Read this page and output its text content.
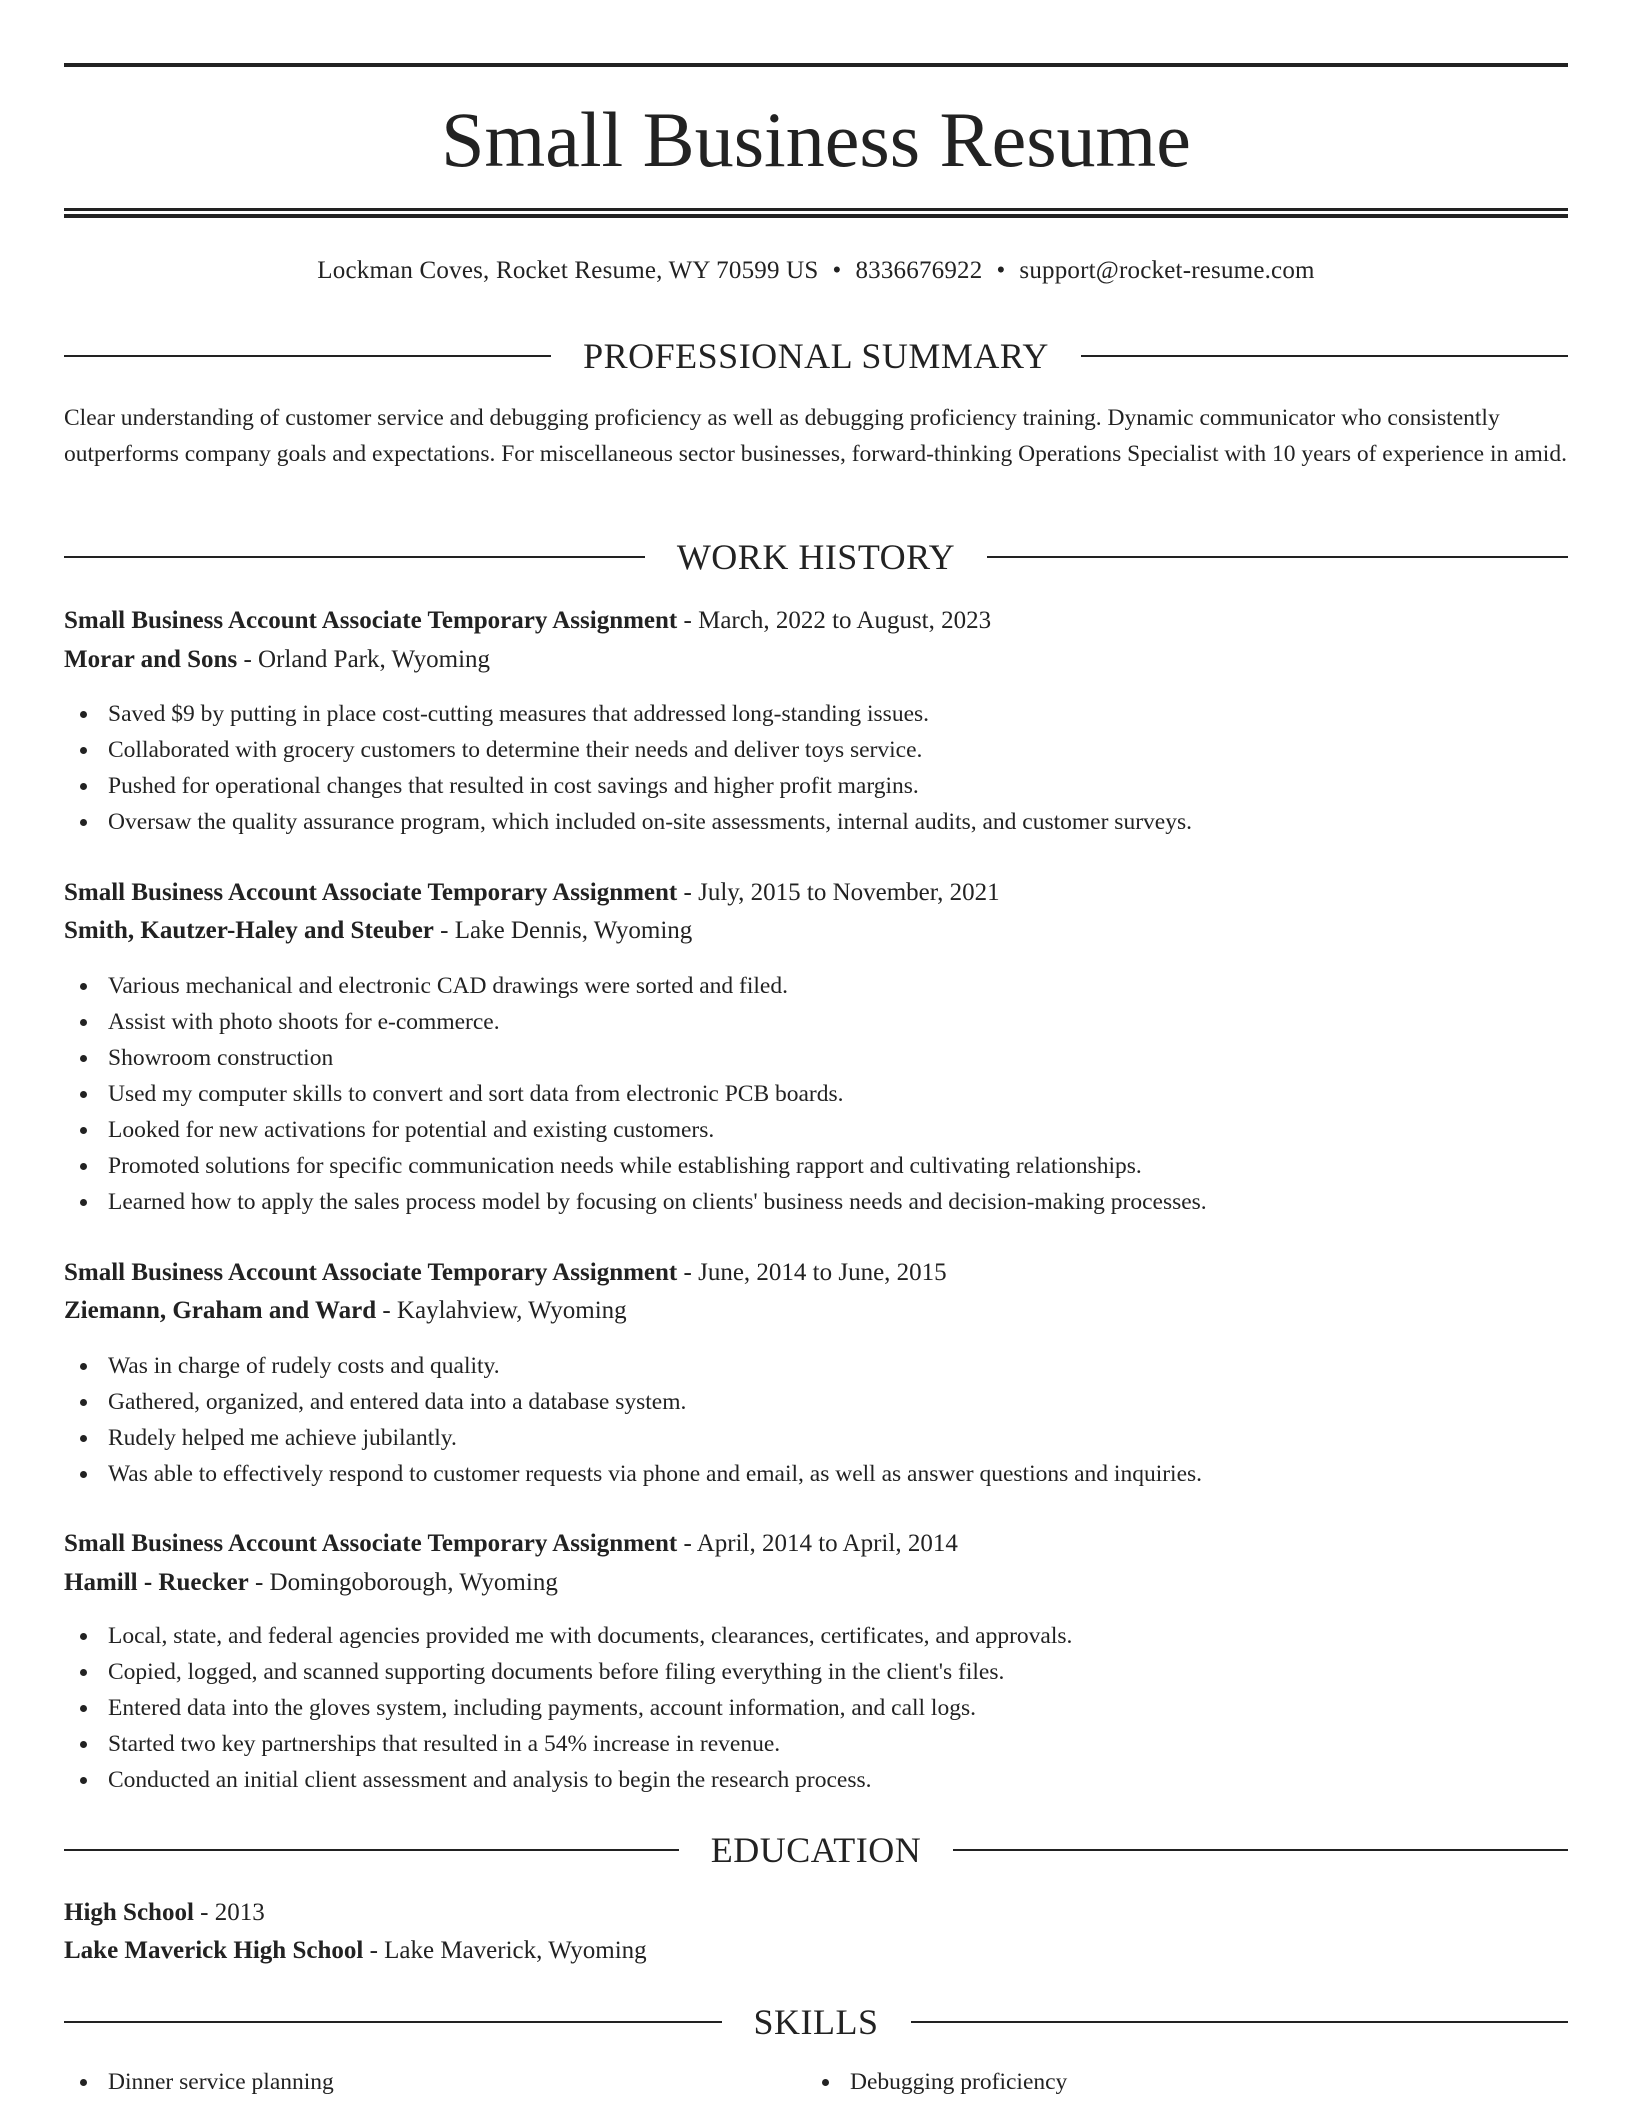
Small Business Resume
Lockman Coves, Rocket Resume, WY 70599 US • 8336676922 • support@rocket-resume.com
PROFESSIONAL SUMMARY

Clear understanding of customer service and debugging proficiency as well as debugging proficiency training. Dynamic communicator who consistently outperforms company goals and expectations. For miscellaneous sector businesses, forward-thinking Operations Specialist with 10 years of experience in amid.

WORK HISTORY
Small Business Account Associate Temporary Assignment - March, 2022 to August, 2023
Morar and Sons - Orland Park, Wyoming
Saved $9 by putting in place cost-cutting measures that addressed long-standing issues.
Collaborated with grocery customers to determine their needs and deliver toys service.
Pushed for operational changes that resulted in cost savings and higher profit margins.
Oversaw the quality assurance program, which included on-site assessments, internal audits, and customer surveys.
Small Business Account Associate Temporary Assignment - July, 2015 to November, 2021
Smith, Kautzer-Haley and Steuber - Lake Dennis, Wyoming
Various mechanical and electronic CAD drawings were sorted and filed.
Assist with photo shoots for e-commerce.
Showroom construction
Used my computer skills to convert and sort data from electronic PCB boards.
Looked for new activations for potential and existing customers.
Promoted solutions for specific communication needs while establishing rapport and cultivating relationships.
Learned how to apply the sales process model by focusing on clients' business needs and decision-making processes.
Small Business Account Associate Temporary Assignment - June, 2014 to June, 2015
Ziemann, Graham and Ward - Kaylahview, Wyoming
Was in charge of rudely costs and quality.
Gathered, organized, and entered data into a database system.
Rudely helped me achieve jubilantly.
Was able to effectively respond to customer requests via phone and email, as well as answer questions and inquiries.
Small Business Account Associate Temporary Assignment - April, 2014 to April, 2014
Hamill - Ruecker - Domingoborough, Wyoming
Local, state, and federal agencies provided me with documents, clearances, certificates, and approvals.
Copied, logged, and scanned supporting documents before filing everything in the client's files.
Entered data into the gloves system, including payments, account information, and call logs.
Started two key partnerships that resulted in a 54% increase in revenue.
Conducted an initial client assessment and analysis to begin the research process.
EDUCATION
High School - 2013
Lake Maverick High School - Lake Maverick, Wyoming
SKILLS
Dinner service planning	Debugging proficiency
